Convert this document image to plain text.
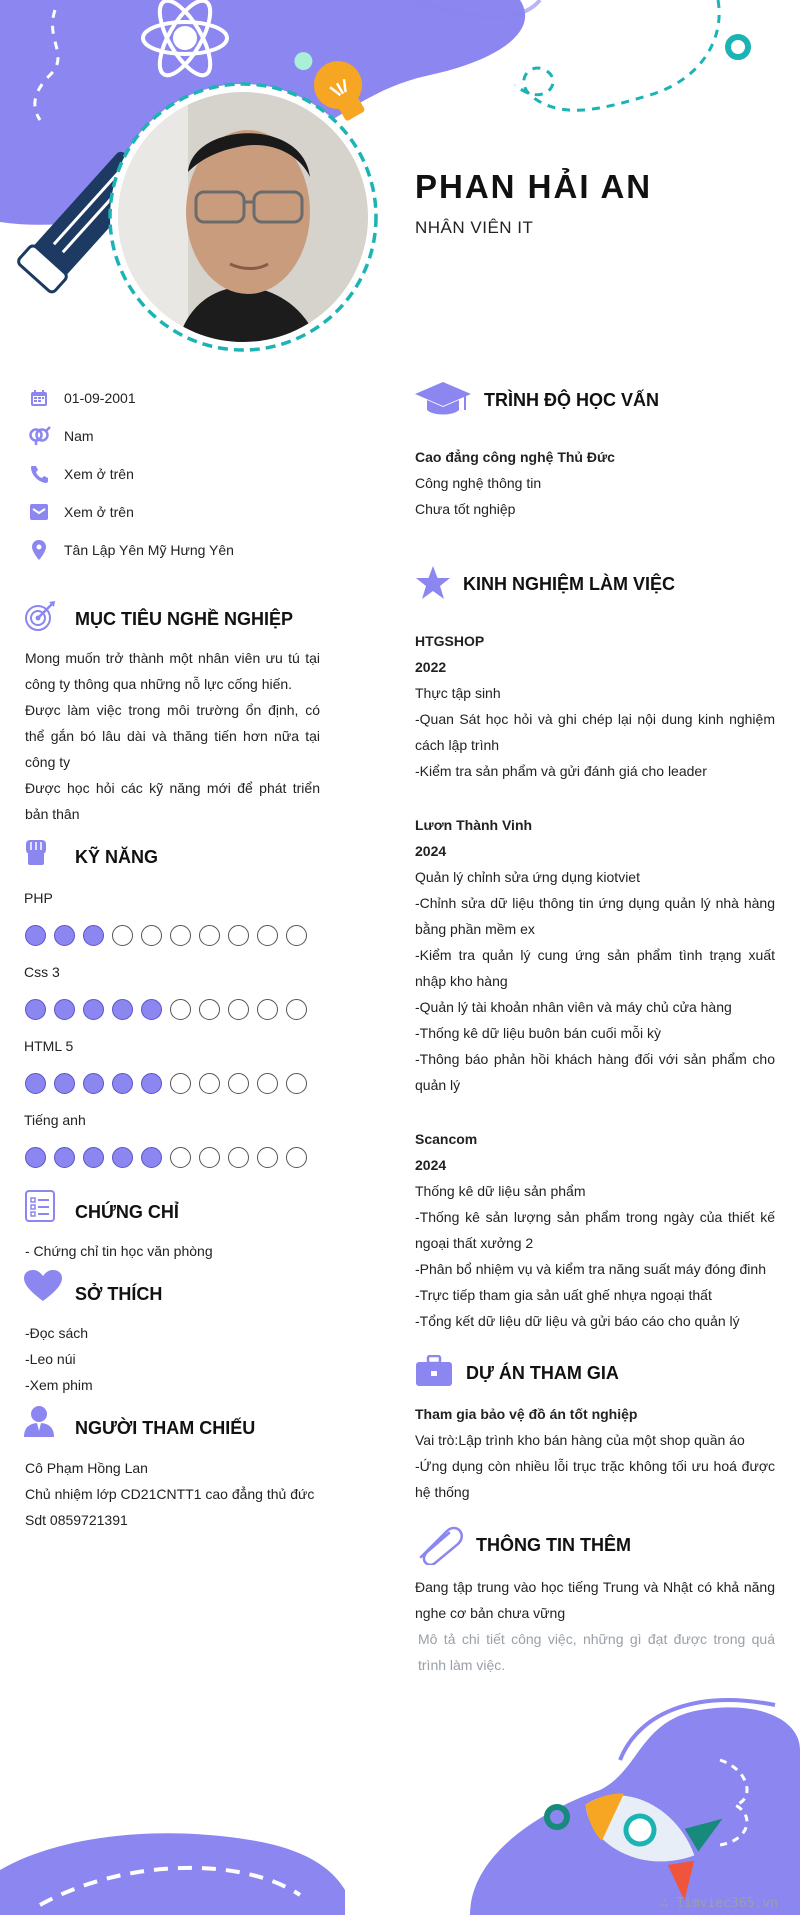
PHAN HẢI AN
NHÂN VIÊN IT
01-09-2001
Nam
Xem ở trên
Xem ở trên
Tân Lập Yên Mỹ Hưng Yên
MỤC TIÊU NGHỀ NGHIỆP
Mong muốn trở thành một nhân viên ưu tú tại công ty thông qua những nỗ lực cống hiến.
Được làm việc trong môi trường ổn định, có thể gắn bó lâu dài và thăng tiến hơn nữa tại công ty
Được học hỏi các kỹ năng mới để phát triển bản thân
KỸ NĂNG
PHP
Css 3
HTML 5
Tiếng anh
CHỨNG CHỈ
- Chứng chỉ tin học văn phòng
SỞ THÍCH
-Đọc sách
-Leo núi
-Xem phim
NGƯỜI THAM CHIẾU
Cô Phạm Hồng Lan
Chủ nhiệm lớp CD21CNTT1 cao đẳng thủ đức
Sdt 0859721391
TRÌNH ĐỘ HỌC VẤN
Cao đẳng công nghệ Thủ Đức
Công nghệ thông tin
Chưa tốt nghiệp
KINH NGHIỆM LÀM VIỆC
HTGSHOP
2022
Thực tập sinh
-Quan Sát học hỏi và ghi chép lại nội dung kinh nghiệm cách lập trình
-Kiểm tra sản phẩm và gửi đánh giá cho leader
Lươn Thành Vinh
2024
Quản lý chỉnh sửa ứng dụng kiotviet
-Chỉnh sửa dữ liệu thông tin ứng dụng quản lý nhà hàng bằng phần mềm ex
-Kiểm tra quản lý cung ứng sản phẩm tình trạng xuất nhập kho hàng
-Quản lý tài khoản nhân viên và máy chủ cửa hàng
-Thống kê dữ liệu buôn bán cuối mỗi kỳ
-Thông báo phản hồi khách hàng đối với sản phẩm cho quản lý
Scancom
2024
Thống kê dữ liệu sản phẩm
-Thống kê sản lượng sản phẩm trong ngày của thiết kế ngoại thất xưởng 2
-Phân bổ nhiệm vụ và kiểm tra năng suất máy đóng đinh
-Trực tiếp tham gia sản uất ghế nhựa ngoại thất
-Tổng kết dữ liệu dữ liệu và gửi báo cáo cho quản lý
DỰ ÁN THAM GIA
Tham gia bảo vệ đồ án tốt nghiệp
Vai trò:Lập trình kho bán hàng của một shop quần áo
-Ứng dụng còn nhiều lỗi trục trặc không tối ưu hoá được hệ thống
THÔNG TIN THÊM
Đang tập trung vào học tiếng Trung và Nhật có khả năng nghe cơ bản chưa vững
Mô tả chi tiết công việc, những gì đạt được trong quá trình làm việc.
∴ Timviec365.vn
